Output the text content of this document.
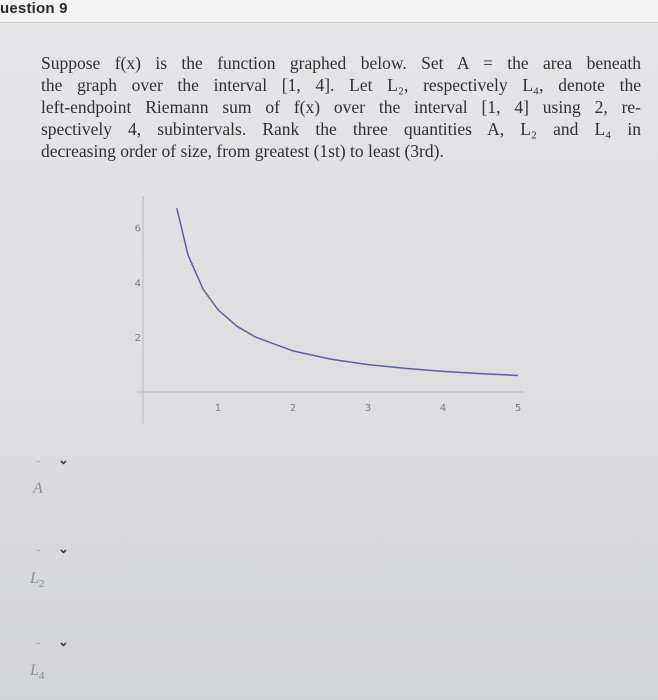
uestion 9
Suppose f(x) is the function graphed below. Set A = the area beneath
the graph over the interval [1, 4]. Let L₂, respectively L₄, denote the
left-endpoint Riemann sum of f(x) over the interval [1, 4] using 2, re-
spectively 4, subintervals. Rank the three quantities A, L₂ and L₄ in
decreasing order of size, from greatest (1st) to least (3rd).
1	2	3	4	5
2
4
6
-	⌄
A
-	⌄
$L_2$
-	⌄
$L_4$
